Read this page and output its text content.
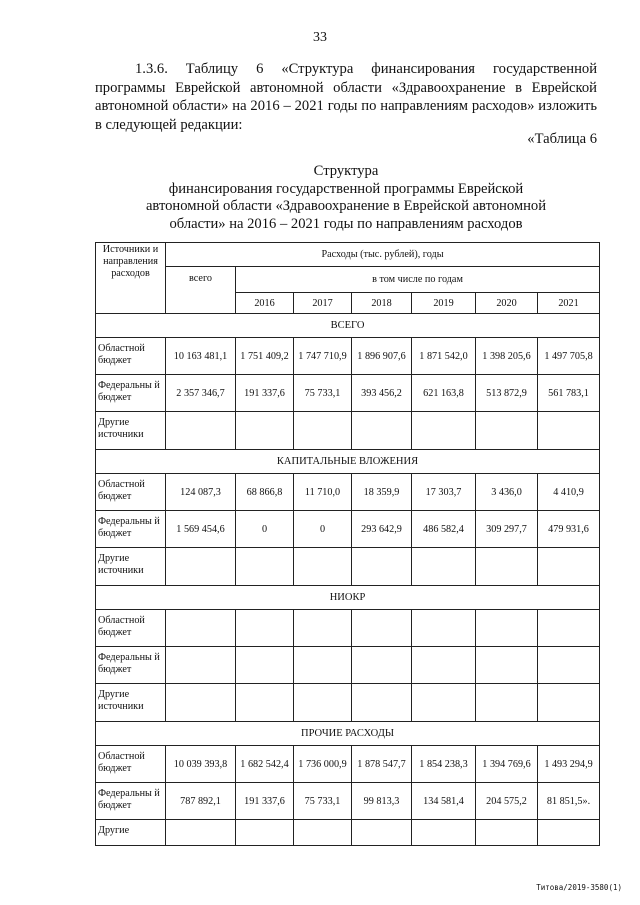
33

1.3.6. Таблицу 6 «Структура финансирования государственной программы Еврейской автономной области «Здравоохранение в Еврейской автономной области» на 2016 – 2021 годы по направлениям расходов» изложить в следующей редакции:

«Таблица 6
Структура
финансирования государственной программы Еврейской
автономной области «Здравоохранение в Еврейской автономной
области» на 2016 – 2021 годы по направлениям расходов
Источники и направления расходов	Расходы (тыс. рублей), годы						
	всего	в том числе по годам					
		2016	2017	2018	2019	2020	2021
ВСЕГО							
Областной бюджет	10 163 481,1	1 751 409,2	1 747 710,9	1 896 907,6	1 871 542,0	1 398 205,6	1 497 705,8
Федеральны й бюджет	2 357 346,7	191 337,6	75 733,1	393 456,2	621 163,8	513 872,9	561 783,1
Другие источники							
КАПИТАЛЬНЫЕ ВЛОЖЕНИЯ							
Областной бюджет	124 087,3	68 866,8	11 710,0	18 359,9	17 303,7	3 436,0	4 410,9
Федеральны й бюджет	1 569 454,6	0	0	293 642,9	486 582,4	309 297,7	479 931,6
Другие источники							
НИОКР							
Областной бюджет							
Федеральны й бюджет							
Другие источники							
ПРОЧИЕ РАСХОДЫ							
Областной бюджет	10 039 393,8	1 682 542,4	1 736 000,9	1 878 547,7	1 854 238,3	1 394 769,6	1 493 294,9
Федеральны й бюджет	787 892,1	191 337,6	75 733,1	99 813,3	134 581,4	204 575,2	81 851,5».
Другие							
Титова/2019-3580(1)
